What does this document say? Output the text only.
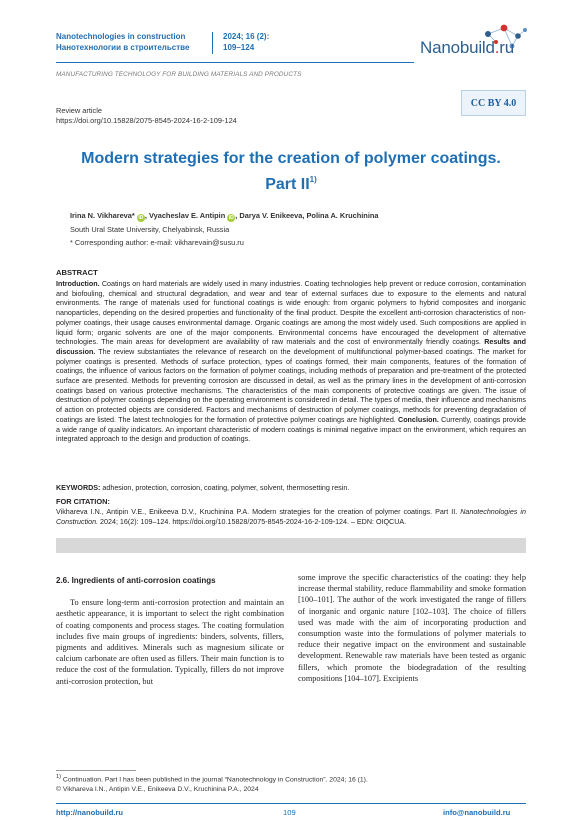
Nanotechnologies in construction
Нанотехнологии в строительстве
2024; 16 (2):
109–124	Nanobuild.ru
MANUFACTURING TECHNOLOGY FOR BUILDING MATERIALS AND PRODUCTS
Review article
https://doi.org/10.15828/2075-8545-2024-16-2-109-124
CC BY 4.0
Modern strategies for the creation of polymer coatings.
Part II$^{1)}$
Irina N. Vikhareva* iD , Vyacheslav E. Antipin iD , Darya V. Enikeeva, Polina A. Kruchinina
South Ural State University, Chelyabinsk, Russia
* Corresponding author: e-mail: vikharevain@susu.ru
ABSTRACT
Introduction. Coatings on hard materials are widely used in many industries. Coating technologies help prevent or reduce corrosion, contamination and biofouling, chemical and structural degradation, and wear and tear of external surfaces due to exposure to the elements and natural environments. The range of materials used for functional coatings is wide enough: from organic polymers to hybrid composites and inorganic nanoparticles, depending on the desired properties and functionality of the final product. Despite the excellent anti-corrosion characteristics of non-polymer coatings, their usage causes environmental damage. Organic coatings are among the most widely used. Such compositions are applied in liquid form; organic solvents are one of the major components. Environmental concerns have encouraged the development of alternative technologies. The main areas for development are availability of raw materials and the cost of environmentally friendly coatings. Results and discussion. The review substantiates the relevance of research on the development of multifunctional polymer-based coatings. The market for polymer coatings is presented. Methods of surface protection, types of coatings formed, their main components, features of the formation of coatings, the influence of various factors on the formation of polymer coatings, including methods of preparation and pre-treatment of the protected surface are presented. Methods for preventing corrosion are discussed in detail, as well as the primary lines in the development of anti-corrosion coatings based on various protective mechanisms. The characteristics of the main components of protective coatings are given. The issue of destruction of polymer coatings depending on the operating environment is considered in detail. The types of media, their influence and mechanisms of action on protected objects are considered. Factors and mechanisms of destruction of polymer coatings, methods for preventing degradation of coatings are listed. The latest technologies for the formation of protective polymer coatings are highlighted. Conclusion. Currently, coatings provide a wide range of quality indicators. An important characteristic of modern coatings is minimal negative impact on the environment, which requires an integrated approach to the design and production of coatings.
KEYWORDS: adhesion, protection, corrosion, coating, polymer, solvent, thermosetting resin.
FOR CITATION:
Vikhareva I.N., Antipin V.E., Enikeeva D.V., Kruchinina P.A. Modern strategies for the creation of polymer coatings. Part II. Nanotechnologies in Construction. 2024; 16(2): 109–124. https://doi.org/10.15828/2075-8545-2024-16-2-109-124. – EDN: OIQCUA.
2.6. Ingredients of anti-corrosion coatings

To ensure long-term anti-corrosion protection and maintain an aesthetic appearance, it is important to select the right combination of coating components and process stages. The coating formulation includes five main groups of ingredients: binders, solvents, fillers, pigments and additives. Minerals such as magnesium silicate or calcium carbonate are often used as fillers. Their main function is to reduce the cost of the formulation. Typically, fillers do not improve anti-corrosion protection, but

some improve the specific characteristics of the coating: they help increase thermal stability, reduce flammability and smoke formation [100–101]. The author of the work investigated the range of fillers of inorganic and organic nature [102–103]. The choice of fillers used was made with the aim of incorporating production and consumption waste into the formulations of polymer materials to reduce their negative impact on the environment and sustainable development. Renewable raw materials have been tested as organic fillers, which promote the biodegradation of the resulting compositions [104–107]. Excipients

$^{1)}$ Continuation. Part I has been published in the journal “Nanotechnology in Construction”. 2024; 16 (1).
© Vikhareva I.N., Antipin V.E., Enikeeva D.V., Kruchinina P.A., 2024
http://nanobuild.ru	109	info@nanobuild.ru
